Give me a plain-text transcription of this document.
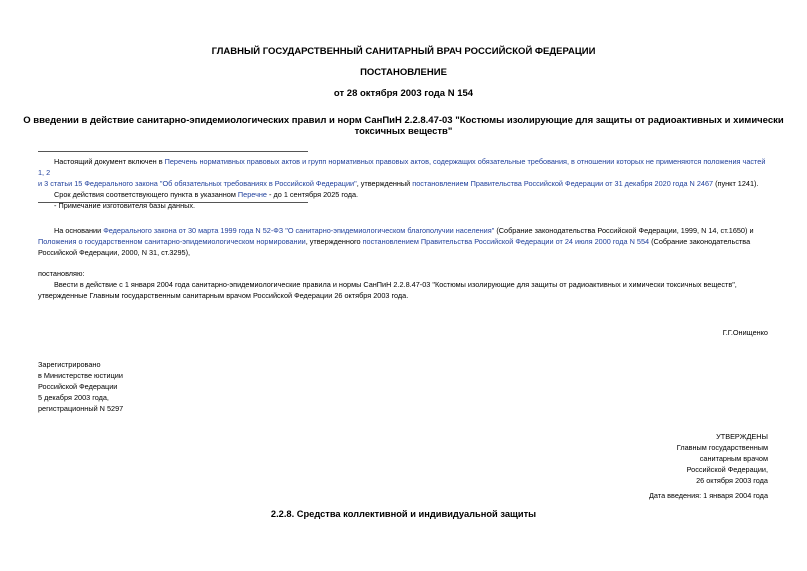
ГЛАВНЫЙ ГОСУДАРСТВЕННЫЙ САНИТАРНЫЙ ВРАЧ РОССИЙСКОЙ ФЕДЕРАЦИИ
ПОСТАНОВЛЕНИЕ
от 28 октября 2003 года N 154
О введении в действие санитарно-эпидемиологических правил и норм СанПиН 2.2.8.47-03 "Костюмы изолирующие для защиты от радиоактивных и химически
токсичных веществ"
Настоящий документ включен в Перечень нормативных правовых актов и групп нормативных правовых актов, содержащих обязательные требования, в отношении которых не применяются положения частей 1, 2
и 3 статьи 15 Федерального закона "Об обязательных требованиях в Российской Федерации", утвержденный постановлением Правительства Российской Федерации от 31 декабря 2020 года N 2467 (пункт 1241).
Срок действия соответствующего пункта в указанном Перечне - до 1 сентября 2025 года.
- Примечание изготовителя базы данных.
На основании Федерального закона от 30 марта 1999 года N 52-ФЗ "О санитарно-эпидемиологическом благополучии населения" (Собрание законодательства Российской Федерации, 1999, N 14, ст.1650) и
Положения о государственном санитарно-эпидемиологическом нормировании, утвержденного постановлением Правительства Российской Федерации от 24 июля 2000 года N 554 (Собрание законодательства
Российской Федерации, 2000, N 31, ст.3295),
постановляю:
Ввести в действие с 1 января 2004 года санитарно-эпидемиологические правила и нормы СанПиН 2.2.8.47-03 "Костюмы изолирующие для защиты от радиоактивных и химически токсичных веществ",
утвержденные Главным государственным санитарным врачом Российской Федерации 26 октября 2003 года.
Г.Г.Онищенко
Зарегистрировано
в Министерстве юстиции
Российской Федерации
5 декабря 2003 года,
регистрационный N 5297
УТВЕРЖДЕНЫ
Главным государственным
санитарным врачом
Российской Федерации,
26 октября 2003 года
Дата введения: 1 января 2004 года
2.2.8. Средства коллективной и индивидуальной защиты
